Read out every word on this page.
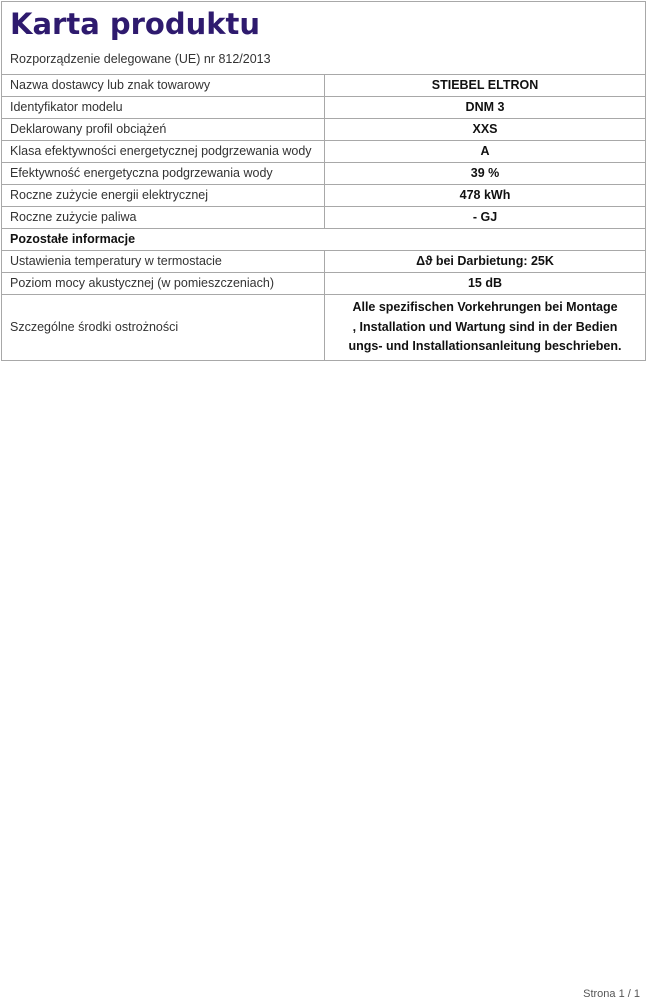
Karta produktu
Rozporządzenie delegowane (UE) nr 812/2013
Nazwa dostawcy lub znak towarowy	STIEBEL ELTRON
Identyfikator modelu	DNM 3
Deklarowany profil obciążeń	XXS
Klasa efektywności energetycznej podgrzewania wody	A
Efektywność energetyczna podgrzewania wody	39 %
Roczne zużycie energii elektrycznej	478 kWh
Roczne zużycie paliwa	- GJ
Pozostałe informacje	
Ustawienia temperatury w termostacie	Δϑ bei Darbietung: 25K
Poziom mocy akustycznej (w pomieszczeniach)	15 dB
Szczególne środki ostrożności	Alle spezifischen Vorkehrungen bei Montage
, Installation und Wartung sind in der Bedien
ungs- und Installationsanleitung beschrieben.
Strona 1 / 1
